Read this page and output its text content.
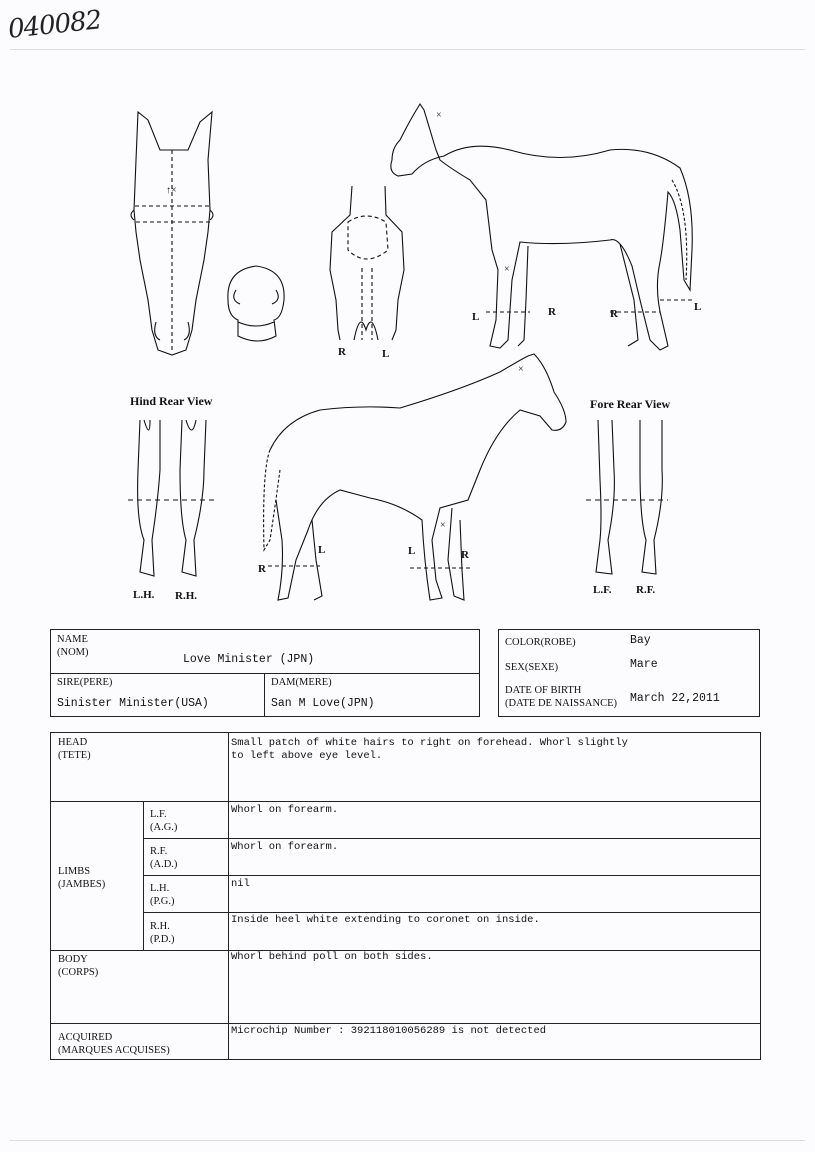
040082
↑×
×
×
×
×
Hind Rear View	Fore Rear View
R	L
L	R	R
L
R
L	L	R
L.H. R.H.	L.F. R.F.
NAME
(NOM)
Love Minister (JPN)
SIRE(PERE)
Sinister Minister(USA)
DAM(MERE)
San M Love(JPN)
COLOR(ROBE)	Bay
SEX(SEXE)	Mare
DATE OF BIRTH
(DATE DE NAISSANCE) March 22,2011
HEAD
(TETE)
Small patch of white hairs to right on forehead. Whorl slightly
to left above eye level.
LIMBS
(JAMBES)
L.F.
(A.G.)
Whorl on forearm.
R.F.
(A.D.)
Whorl on forearm.
L.H.
(P.G.)
nil
R.H.
(P.D.)
Inside heel white extending to coronet on inside.
BODY
(CORPS)
Whorl behind poll on both sides.
ACQUIRED
(MARQUES ACQUISES)
Microchip Number : 392118010056289 is not detected
